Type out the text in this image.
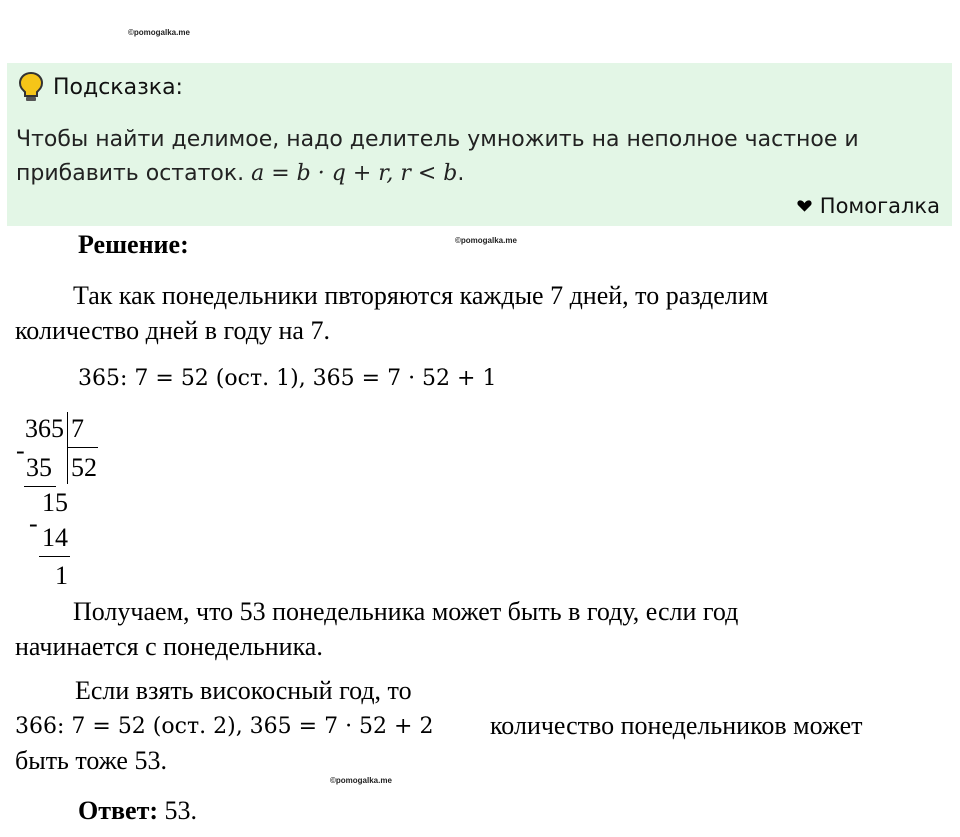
©pomogalka.me
Подсказка:
Чтобы найти делимое, надо делитель умножить на неполное частное и
прибавить остаток. a = b · q + r, r < b.
Помогалка
Решение:	©pomogalka.me
Так как понедельники пвторяются каждые 7 дней, то разделим
количество дней в году на 7.
365: 7 = 52 (ост. 1), 365 = 7 · 52 + 1
365 7
-
35 52
15
- 14
1
Получаем, что 53 понедельника может быть в году, если год
начинается с понедельника.
Если взять високосный год, то
366: 7 = 52 (ост. 2), 365 = 7 · 52 + 2 количество понедельников может
быть тоже 53.
©pomogalka.me
Ответ: 53.
